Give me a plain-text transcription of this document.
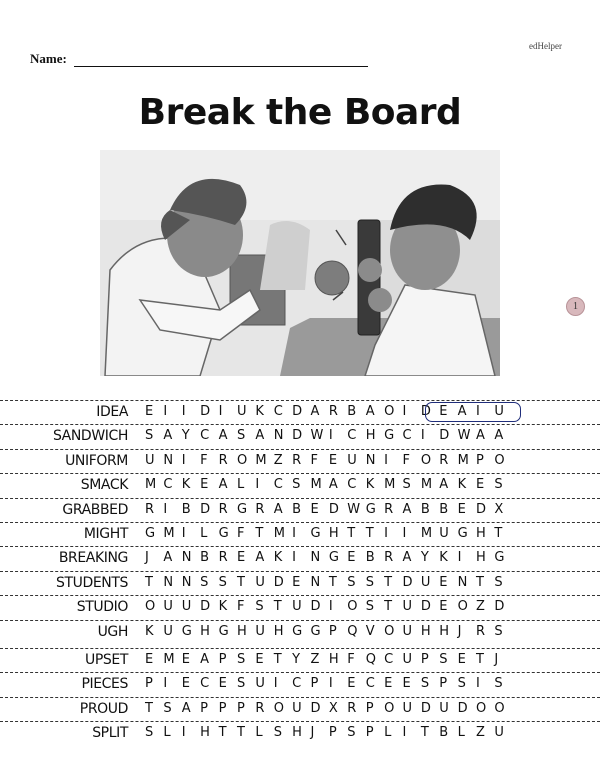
edHelper
Name:
Break the Board
1
IDEA E I I D I U K C D A R B A O I D E A I U
SANDWICH S A Y C A S A N D W I C H G C I D W A A
UNIFORM U N I F R O M Z R F E U N I F O R M P O
SMACK M C K E A L I C S M A C K M S M A K E S
GRABBED R I B D R G R A B E D W G R A B B E D X
MIGHT G M I L G F T M I G H T T I I M U G H T
BREAKING J A N B R E A K I N G E B R A Y K I H G
STUDENTS T N N S S T U D E N T S S T D U E N T S
STUDIO O U U D K F S T U D I O S T U D E O Z D
UGH K U G H G H U H G G P Q V O U H H J R S
UPSET E M E A P S E T Y Z H F Q C U P S E T J
PIECES P I E C E S U I C P I E C E E S P S I S
PROUD T S A P P P R O U D X R P O U D U D O O
SPLIT S L I H T T L S H J P S P L I T B L Z U
